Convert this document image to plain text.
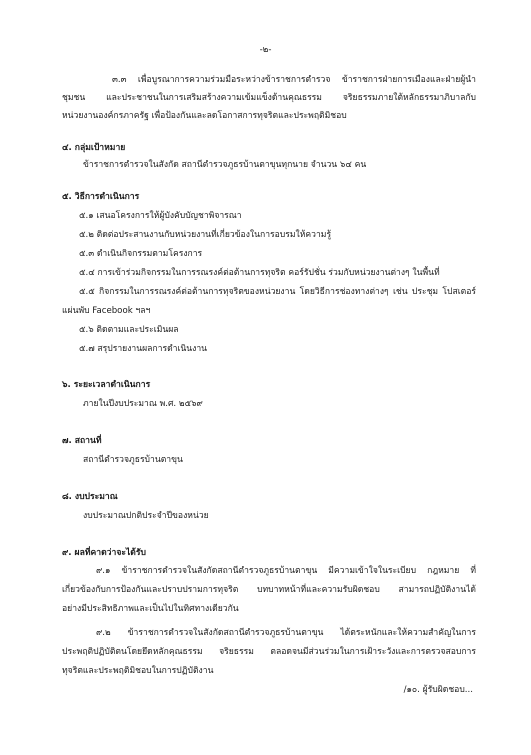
-๒-
๓.๓ เพื่อบูรณาการความร่วมมือระหว่างข้าราชการตำรวจ ข้าราชการฝ่ายการเมืองและฝ่ายผู้นำ
ชุมชน และประชาชนในการเสริมสร้างความเข้มแข็งด้านคุณธรรม จริยธรรมภายใต้หลักธรรมาภิบาลกับ
หน่วยงานองค์กรภาครัฐ เพื่อป้องกันและลดโอกาสการทุจริตและประพฤติมิชอบ
๔. กลุ่มเป้าหมาย
ข้าราชการตำรวจในสังกัด สถานีตำรวจภูธรบ้านตาขุนทุกนาย จำนวน ๖๔ คน
๕. วิธีการดำเนินการ
๕.๑ เสนอโครงการให้ผู้บังคับบัญชาพิจารณา
๕.๒ ติดต่อประสานงานกับหน่วยงานที่เกี่ยวข้องในการอบรมให้ความรู้
๕.๓ ดำเนินกิจกรรมตามโครงการ
๕.๔ การเข้าร่วมกิจกรรมในการรณรงค์ต่อต้านการทุจริต คอร์รัปชั่น ร่วมกับหน่วยงานต่างๆ ในพื้นที่
๕.๕ กิจกรรมในการรณรงค์ต่อต้านการทุจริตของหน่วยงาน โดยวิธีการช่องทางต่างๆ เช่น ประชุม โปสเตอร์
แผ่นพับ Facebook ฯลฯ
๕.๖ ติดตามและประเมินผล
๕.๗ สรุปรายงานผลการดำเนินงาน
๖. ระยะเวลาดำเนินการ
ภายในปีงบประมาณ พ.ศ. ๒๕๖๙
๗. สถานที่
สถานีตำรวจภูธรบ้านตาขุน
๘. งบประมาณ
งบประมาณปกติประจำปีของหน่วย
๙. ผลที่คาดว่าจะได้รับ
๙.๑ ข้าราชการตำรวจในสังกัดสถานีตำรวจภูธรบ้านตาขุน มีความเข้าใจในระเบียบ กฎหมาย ที่
เกี่ยวข้องกับการป้องกันและปราบปรามการทุจริต บทบาทหน้าที่และความรับผิดชอบ สามารถปฏิบัติงานได้
อย่างมีประสิทธิภาพและเป็นไปในทิศทางเดียวกัน
๙.๒ ข้าราชการตำรวจในสังกัดสถานีตำรวจภูธรบ้านตาขุน ได้ตระหนักและให้ความสำคัญในการ
ประพฤติปฏิบัติตนโดยยึดหลักคุณธรรม จริยธรรม ตลอดจนมีส่วนร่วมในการเฝ้าระวังและการตรวจสอบการ
ทุจริตและประพฤติมิชอบในการปฏิบัติงาน
/๑๐. ผู้รับผิดชอบ...
